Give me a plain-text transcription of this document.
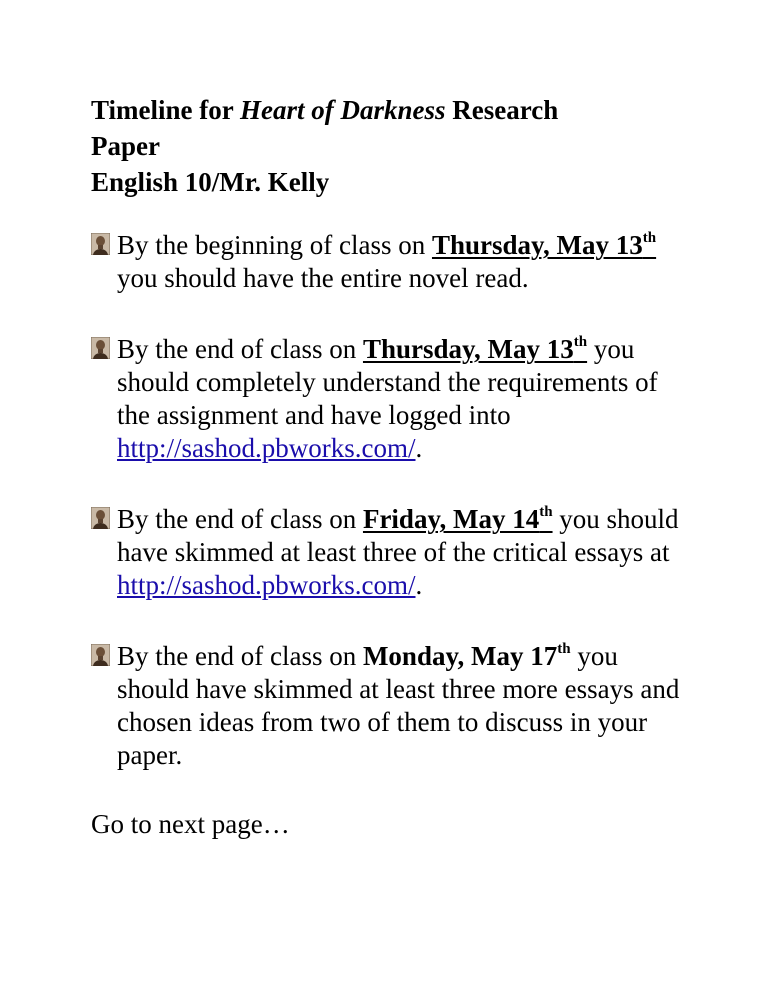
Timeline for Heart of Darkness Research
Paper
English 10/Mr. Kelly
By the beginning of class on Thursday, May 13th you should have the entire novel read.
By the end of class on Thursday, May 13th you should completely understand the requirements of the assignment and have logged into http://sashod.pbworks.com/.
By the end of class on Friday, May 14th you should have skimmed at least three of the critical essays at http://sashod.pbworks.com/.
By the end of class on Monday, May 17th you should have skimmed at least three more essays and chosen ideas from two of them to discuss in your paper.
Go to next page…
